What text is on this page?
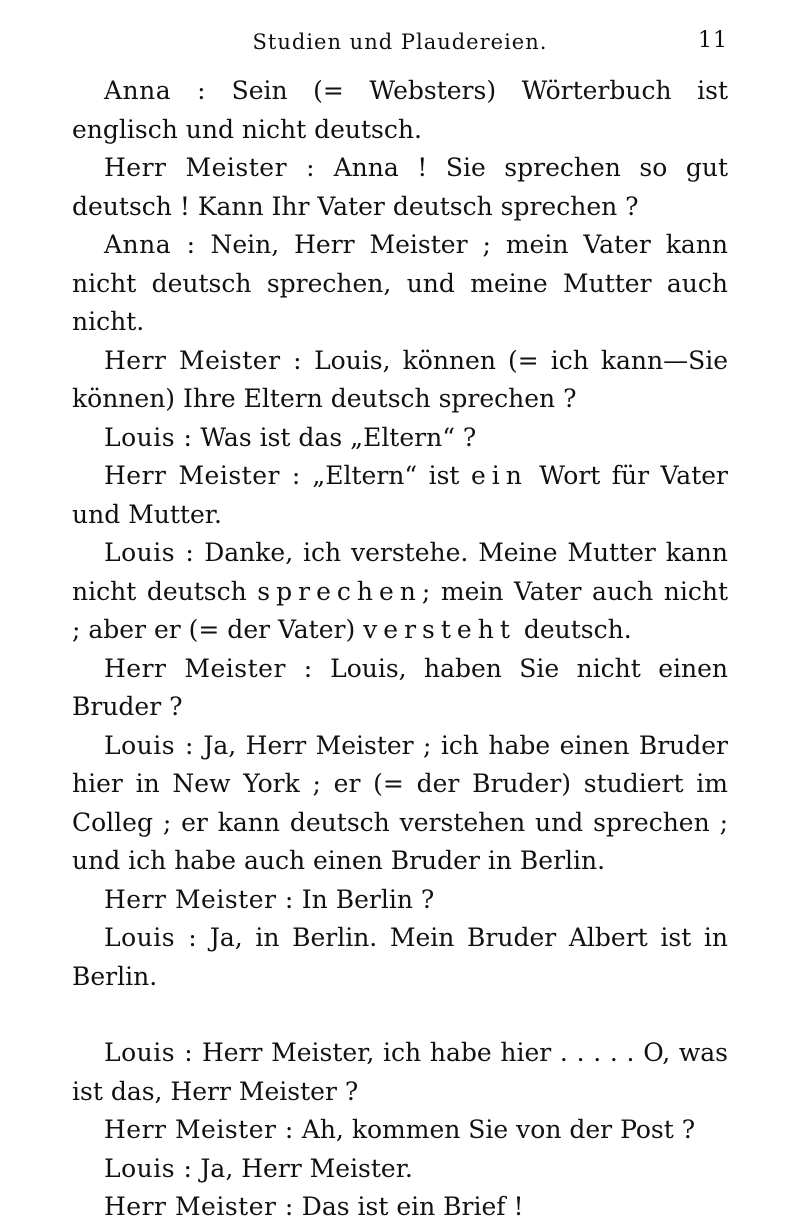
Studien und Plaudereien.	11

Anna : Sein (= Websters) Wörterbuch ist englisch und nicht deutsch.

Herr Meister : Anna ! Sie sprechen so gut deutsch ! Kann Ihr Vater deutsch sprechen ?

Anna : Nein, Herr Meister ; mein Vater kann nicht deutsch sprechen, und meine Mutter auch nicht.

Herr Meister : Louis, können (= ich kann—Sie können) Ihre Eltern deutsch sprechen ?

Louis : Was ist das „Eltern“ ?

Herr Meister : „Eltern“ ist ein Wort für Vater und Mutter.

Louis : Danke, ich verstehe. Meine Mutter kann nicht deutsch sprechen; mein Vater auch nicht ; aber er (= der Vater) versteht deutsch.

Herr Meister : Louis, haben Sie nicht einen Bruder ?

Louis : Ja, Herr Meister ; ich habe einen Bruder hier in New York ; er (= der Bruder) studiert im Colleg ; er kann deutsch verstehen und sprechen ; und ich habe auch einen Bruder in Berlin.

Herr Meister : In Berlin ?

Louis : Ja, in Berlin. Mein Bruder Albert ist in Berlin.

Louis : Herr Meister, ich habe hier . . . . . O, was ist das, Herr Meister ?

Herr Meister : Ah, kommen Sie von der Post ?

Louis : Ja, Herr Meister.

Herr Meister : Das ist ein Brief !
